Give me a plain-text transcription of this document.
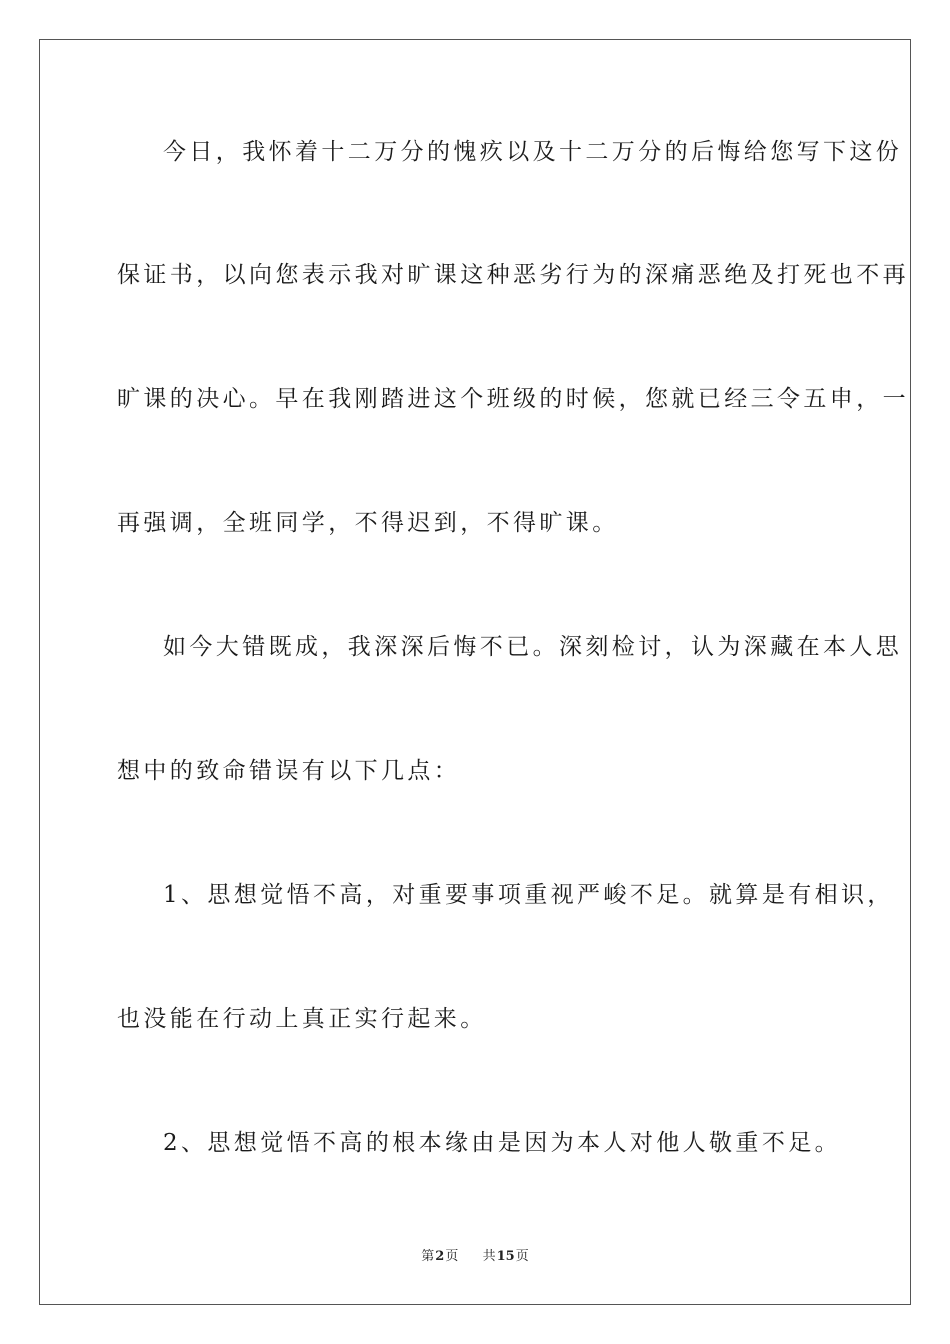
今日，我怀着十二万分的愧疚以及十二万分的后悔给您写下这份

保证书，以向您表示我对旷课这种恶劣行为的深痛恶绝及打死也不再

旷课的决心。早在我刚踏进这个班级的时候，您就已经三令五申，一

再强调，全班同学，不得迟到，不得旷课。

如今大错既成，我深深后悔不已。深刻检讨，认为深藏在本人思

想中的致命错误有以下几点：

1、思想觉悟不高，对重要事项重视严峻不足。就算是有相识，

也没能在行动上真正实行起来。

2、思想觉悟不高的根本缘由是因为本人对他人敬重不足。

第2页 共15页
